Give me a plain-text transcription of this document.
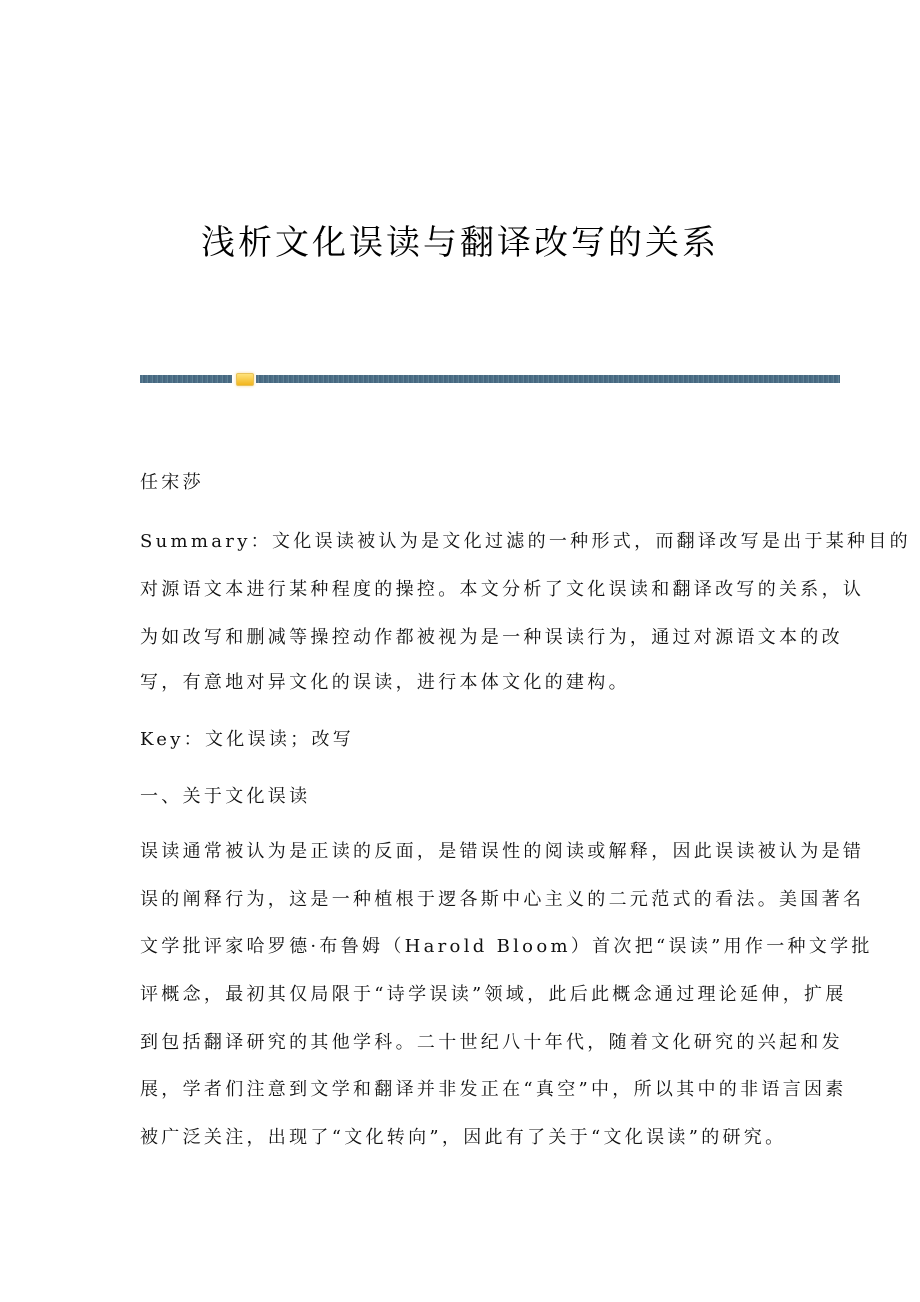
浅析文化误读与翻译改写的关系
任宋莎
Summary：文化误读被认为是文化过滤的一种形式，而翻译改写是出于某种目的
对源语文本进行某种程度的操控。本文分析了文化误读和翻译改写的关系，认
为如改写和删减等操控动作都被视为是一种误读行为，通过对源语文本的改
写，有意地对异文化的误读，进行本体文化的建构。
Key：文化误读；改写
一、关于文化误读
误读通常被认为是正读的反面，是错误性的阅读或解释，因此误读被认为是错
误的阐释行为，这是一种植根于逻各斯中心主义的二元范式的看法。美国著名
文学批评家哈罗德·布鲁姆（Harold Bloom）首次把“误读”用作一种文学批
评概念，最初其仅局限于“诗学误读”领域，此后此概念通过理论延伸，扩展
到包括翻译研究的其他学科。二十世纪八十年代，随着文化研究的兴起和发
展，学者们注意到文学和翻译并非发正在“真空”中，所以其中的非语言因素
被广泛关注，出现了“文化转向”，因此有了关于“文化误读”的研究。
